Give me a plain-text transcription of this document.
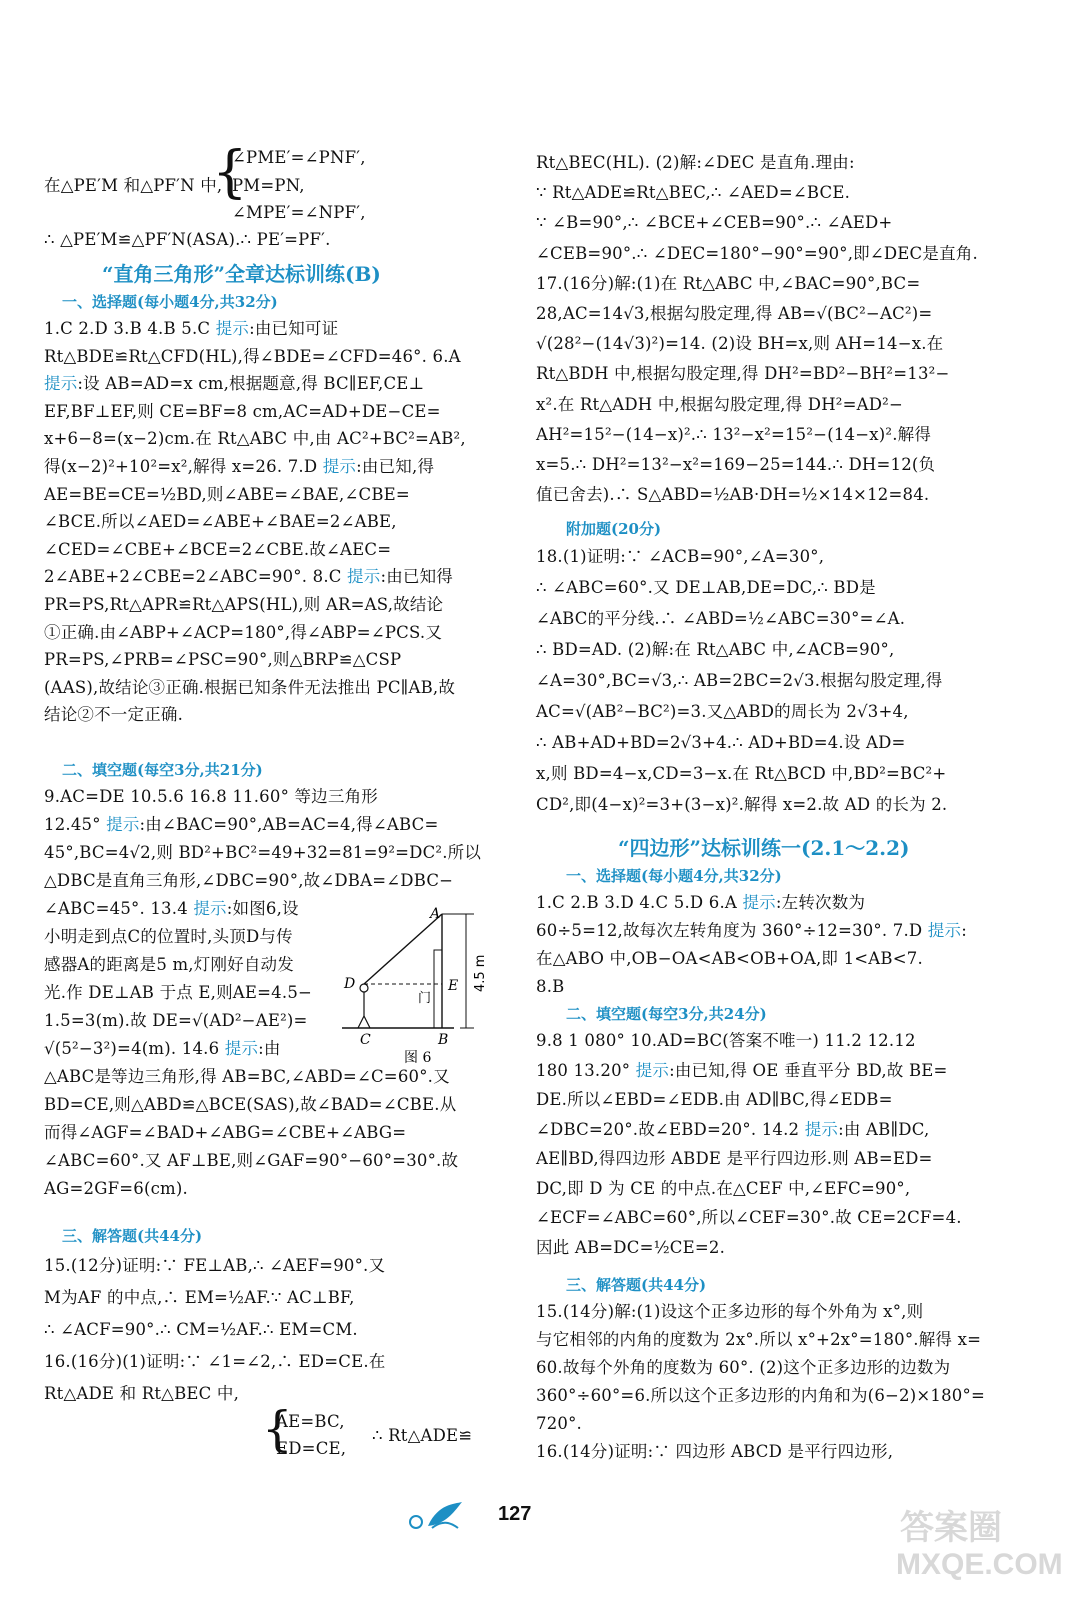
∠PME′=∠PNF′,
在△PE′M 和△PF′N 中,
{
PM=PN,
∠MPE′=∠NPF′,
∴ △PE′M≌△PF′N(ASA).∴ PE′=PF′.
“直角三角形”全章达标训练(B)
一、选择题(每小题4分,共32分)
1.C 2.D 3.B 4.B 5.C 提示:由已知可证
Rt△BDE≌Rt△CFD(HL),得∠BDE=∠CFD=46°. 6.A
提示:设 AB=AD=x cm,根据题意,得 BC∥EF,CE⊥
EF,BF⊥EF,则 CE=BF=8 cm,AC=AD+DE−CE=
x+6−8=(x−2)cm.在 Rt△ABC 中,由 AC²+BC²=AB²,
得(x−2)²+10²=x²,解得 x=26. 7.D 提示:由已知,得
AE=BE=CE=½BD,则∠ABE=∠BAE,∠CBE=
∠BCE.所以∠AED=∠ABE+∠BAE=2∠ABE,
∠CED=∠CBE+∠BCE=2∠CBE.故∠AEC=
2∠ABE+2∠CBE=2∠ABC=90°. 8.C 提示:由已知得
PR=PS,Rt△APR≌Rt△APS(HL),则 AR=AS,故结论
①正确.由∠ABP+∠ACP=180°,得∠ABP=∠PCS.又
PR=PS,∠PRB=∠PSC=90°,则△BRP≌△CSP
(AAS),故结论③正确.根据已知条件无法推出 PC∥AB,故
结论②不一定正确.
二、填空题(每空3分,共21分)
9.AC=DE 10.5.6 16.8 11.60° 等边三角形
12.45° 提示:由∠BAC=90°,AB=AC=4,得∠ABC=
45°,BC=4√2,则 BD²+BC²=49+32=81=9²=DC².所以
△DBC是直角三角形,∠DBC=90°,故∠DBA=∠DBC−
∠ABC=45°. 13.4 提示:如图6,设
小明走到点C的位置时,头顶D与传
感器A的距离是5 m,灯刚好自动发
光.作 DE⊥AB 于点 E,则AE=4.5−
1.5=3(m).故 DE=√(AD²−AE²)=
√(5²−3²)=4(m). 14.6 提示:由
△ABC是等边三角形,得 AB=BC,∠ABD=∠C=60°.又
BD=CE,则△ABD≌△BCE(SAS),故∠BAD=∠CBE.从
而得∠AGF=∠BAD+∠ABG=∠CBE+∠ABG=
∠ABC=60°.又 AF⊥BE,则∠GAF=90°−60°=30°.故
AG=2GF=6(cm).
A
D	E
C	B
门
4.5 m
图 6
三、解答题(共44分)
15.(12分)证明:∵ FE⊥AB,∴ ∠AEF=90°.又
M为AF 的中点,∴ EM=½AF.∵ AC⊥BF,
∴ ∠ACF=90°.∴ CM=½AF.∴ EM=CM.
16.(16分)(1)证明:∵ ∠1=∠2,∴ ED=CE.在
Rt△ADE 和 Rt△BEC 中,
{
AE=BC,
ED=CE,
∴ Rt△ADE≌
Rt△BEC(HL). (2)解:∠DEC 是直角.理由:
∵ Rt△ADE≌Rt△BEC,∴ ∠AED=∠BCE.
∵ ∠B=90°,∴ ∠BCE+∠CEB=90°.∴ ∠AED+
∠CEB=90°.∴ ∠DEC=180°−90°=90°,即∠DEC是直角.
17.(16分)解:(1)在 Rt△ABC 中,∠BAC=90°,BC=
28,AC=14√3,根据勾股定理,得 AB=√(BC²−AC²)=
√(28²−(14√3)²)=14. (2)设 BH=x,则 AH=14−x.在
Rt△BDH 中,根据勾股定理,得 DH²=BD²−BH²=13²−
x².在 Rt△ADH 中,根据勾股定理,得 DH²=AD²−
AH²=15²−(14−x)².∴ 13²−x²=15²−(14−x)².解得
x=5.∴ DH²=13²−x²=169−25=144.∴ DH=12(负
值已舍去).∴ S△ABD=½AB·DH=½×14×12=84.
附加题(20分)
18.(1)证明:∵ ∠ACB=90°,∠A=30°,
∴ ∠ABC=60°.又 DE⊥AB,DE=DC,∴ BD是
∠ABC的平分线.∴ ∠ABD=½∠ABC=30°=∠A.
∴ BD=AD. (2)解:在 Rt△ABC 中,∠ACB=90°,
∠A=30°,BC=√3,∴ AB=2BC=2√3.根据勾股定理,得
AC=√(AB²−BC²)=3.又△ABD的周长为 2√3+4,
∴ AB+AD+BD=2√3+4.∴ AD+BD=4.设 AD=
x,则 BD=4−x,CD=3−x.在 Rt△BCD 中,BD²=BC²+
CD²,即(4−x)²=3+(3−x)².解得 x=2.故 AD 的长为 2.
“四边形”达标训练一(2.1～2.2)
一、选择题(每小题4分,共32分)
1.C 2.B 3.D 4.C 5.D 6.A 提示:左转次数为
60÷5=12,故每次左转角度为 360°÷12=30°. 7.D 提示:
在△ABO 中,OB−OA<AB<OB+OA,即 1<AB<7.
8.B
二、填空题(每空3分,共24分)
9.8 1 080° 10.AD=BC(答案不唯一) 11.2 12.12
180 13.20° 提示:由已知,得 OE 垂直平分 BD,故 BE=
DE.所以∠EBD=∠EDB.由 AD∥BC,得∠EDB=
∠DBC=20°.故∠EBD=20°. 14.2 提示:由 AB∥DC,
AE∥BD,得四边形 ABDE 是平行四边形.则 AB=ED=
DC,即 D 为 CE 的中点.在△CEF 中,∠EFC=90°,
∠ECF=∠ABC=60°,所以∠CEF=30°.故 CE=2CF=4.
因此 AB=DC=½CE=2.
三、解答题(共44分)
15.(14分)解:(1)设这个正多边形的每个外角为 x°,则
与它相邻的内角的度数为 2x°.所以 x°+2x°=180°.解得 x=
60.故每个外角的度数为 60°. (2)这个正多边形的边数为
360°÷60°=6.所以这个正多边形的内角和为(6−2)×180°=
720°.
16.(14分)证明:∵ 四边形 ABCD 是平行四边形,
127	答案圈
MXQE.COM
